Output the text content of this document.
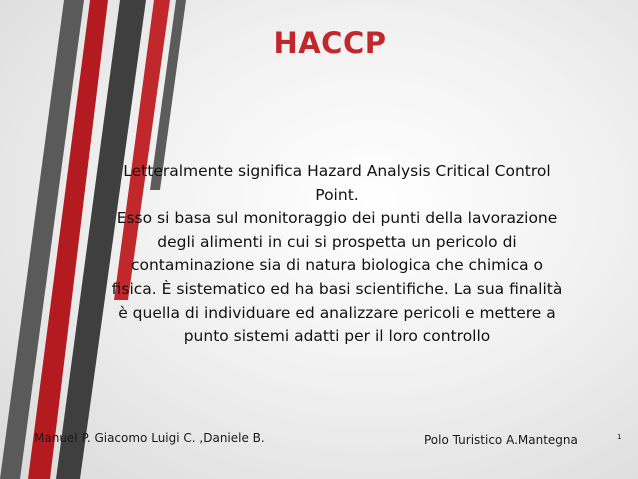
HACCP
Letteralmente significa Hazard Analysis Critical Control
Point.
Esso si basa sul monitoraggio dei punti della lavorazione
degli alimenti in cui si prospetta un pericolo di
contaminazione sia di natura biologica che chimica o
fisica. È sistematico ed ha basi scientifiche. La sua finalità
è quella di individuare ed analizzare pericoli e mettere a
punto sistemi adatti per il loro controllo
Manuel P. Giacomo Luigi C. ,Daniele B.	Polo Turistico A.Mantegna	1
